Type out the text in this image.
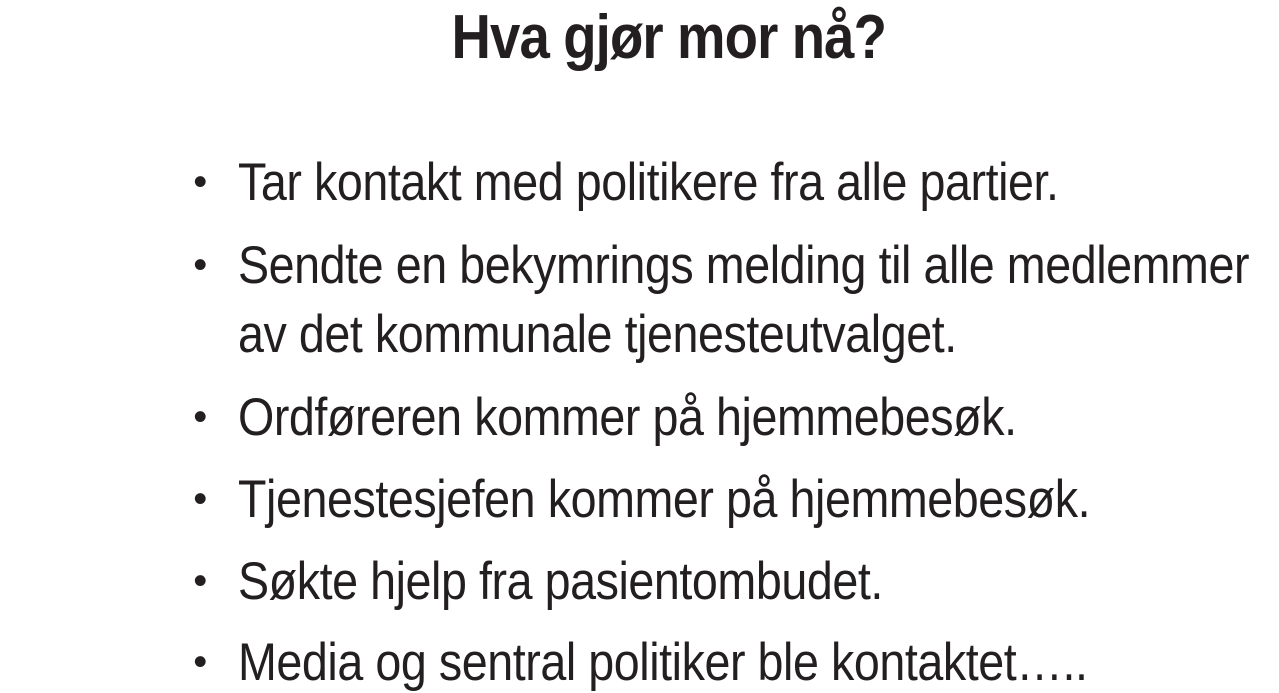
Hva gjør mor nå?
• Tar kontakt med politikere fra alle partier.
• Sendte en bekymrings melding til alle medlemmer
av det kommunale tjenesteutvalget.
• Ordføreren kommer på hjemmebesøk.
• Tjenestesjefen kommer på hjemmebesøk.
• Søkte hjelp fra pasientombudet.
• Media og sentral politiker ble kontaktet…..
